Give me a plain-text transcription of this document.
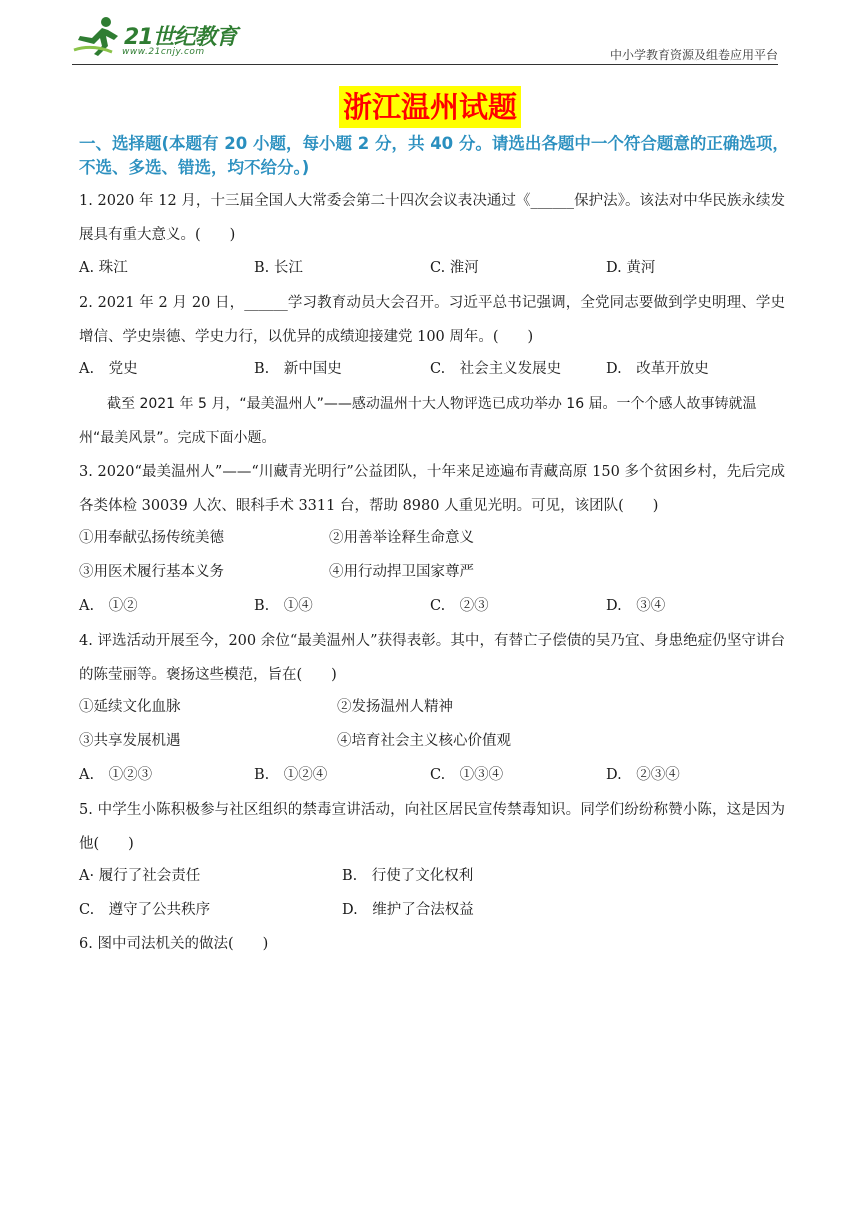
21世纪教育
www.21cnjy.com	中小学教育资源及组卷应用平台
浙江温州试题
一、选择题(本题有 20 小题，每小题 2 分，共 40 分。请选出各题中一个符合题意的正确选项，不选、多选、错选，均不给分。)
1. 2020 年 12 月，十三届全国人大常委会第二十四次会议表决通过《______保护法》。该法对中华民族永续发展具有重大意义。(　　)
A. 珠江	B. 长江	C. 淮河	D. 黄河
2. 2021 年 2 月 20 日，______学习教育动员大会召开。习近平总书记强调，全党同志要做到学史明理、学史增信、学史崇德、学史力行，以优异的成绩迎接建党 100 周年。(　　)
A.　党史	B.　新中国史	C.　社会主义发展史	D.　改革开放史
　　截至 2021 年 5 月，“最美温州人”——感动温州十大人物评选已成功举办 16 届。一个个感人故事铸就温州“最美风景”。完成下面小题。
3. 2020“最美温州人”——“川藏青光明行”公益团队，十年来足迹遍布青藏高原 150 多个贫困乡村，先后完成各类体检 30039 人次、眼科手术 3311 台，帮助 8980 人重见光明。可见，该团队(　　)
①用奉献弘扬传统美德	②用善举诠释生命意义
③用医术履行基本义务	④用行动捍卫国家尊严
A.　①②	B.　①④	C.　②③	D.　③④
4. 评选活动开展至今，200 余位“最美温州人”获得表彰。其中，有替亡子偿债的吴乃宜、身患绝症仍坚守讲台的陈莹丽等。褒扬这些模范，旨在(　　)
①延续文化血脉	②发扬温州人精神
③共享发展机遇	④培育社会主义核心价值观
A.　①②③	B.　①②④	C.　①③④	D.　②③④
5. 中学生小陈积极参与社区组织的禁毒宣讲活动，向社区居民宣传禁毒知识。同学们纷纷称赞小陈，这是因为他(　　)
A· 履行了社会责任	B.　行使了文化权利
C.　遵守了公共秩序	D.　维护了合法权益
6. 图中司法机关的做法(　　)
